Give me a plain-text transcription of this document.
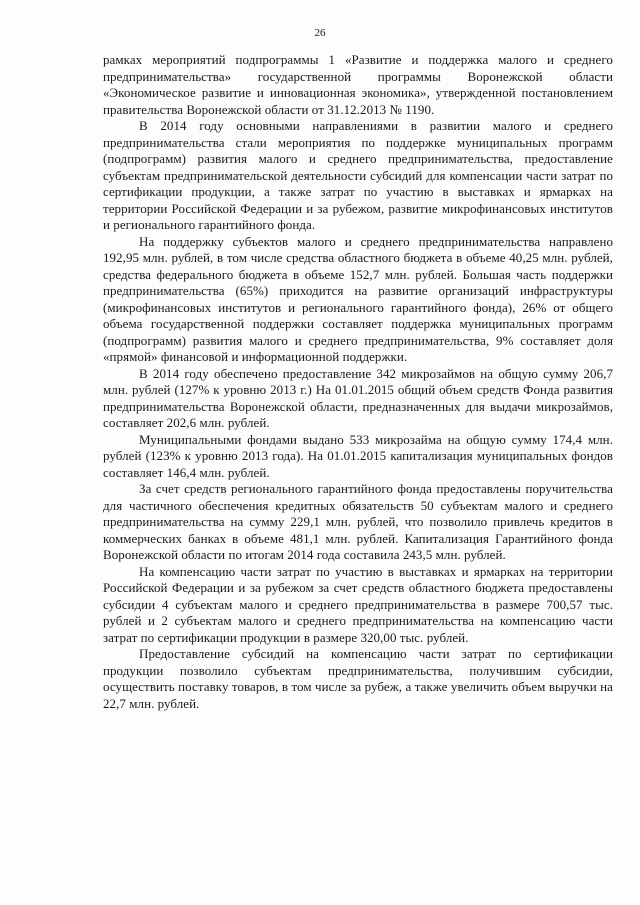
26

рамках мероприятий подпрограммы 1 «Развитие и поддержка малого и среднего предпринимательства» государственной программы Воронежской области «Экономическое развитие и инновационная экономика», утвержденной постановлением правительства Воронежской области от 31.12.2013 № 1190.

В 2014 году основными направлениями в развитии малого и среднего предпринимательства стали мероприятия по поддержке муниципальных программ (подпрограмм) развития малого и среднего предпринимательства, предоставление субъектам предпринимательской деятельности субсидий для компенсации части затрат по сертификации продукции, а также затрат по участию в выставках и ярмарках на территории Российской Федерации и за рубежом, развитие микрофинансовых институтов и регионального гарантийного фонда.

На поддержку субъектов малого и среднего предпринимательства направлено 192,95 млн. рублей, в том числе средства областного бюджета в объеме 40,25 млн. рублей, средства федерального бюджета в объеме 152,7 млн. рублей. Большая часть поддержки предпринимательства (65%) приходится на развитие организаций инфраструктуры (микрофинансовых институтов и регионального гарантийного фонда), 26% от общего объема государственной поддержки составляет поддержка муниципальных программ (подпрограмм) развития малого и среднего предпринимательства, 9% составляет доля «прямой» финансовой и информационной поддержки.

В 2014 году обеспечено предоставление 342 микрозаймов на общую сумму 206,7 млн. рублей (127% к уровню 2013 г.) На 01.01.2015 общий объем средств Фонда развития предпринимательства Воронежской области, предназначенных для выдачи микрозаймов, составляет 202,6 млн. рублей.

Муниципальными фондами выдано 533 микрозайма на общую сумму 174,4 млн. рублей (123% к уровню 2013 года). На 01.01.2015 капитализация муниципальных фондов составляет 146,4 млн. рублей.

За счет средств регионального гарантийного фонда предоставлены поручительства для частичного обеспечения кредитных обязательств 50 субъектам малого и среднего предпринимательства на сумму 229,1 млн. рублей, что позволило привлечь кредитов в коммерческих банках в объеме 481,1 млн. рублей. Капитализация Гарантийного фонда Воронежской области по итогам 2014 года составила 243,5 млн. рублей.

На компенсацию части затрат по участию в выставках и ярмарках на территории Российской Федерации и за рубежом за счет средств областного бюджета предоставлены субсидии 4 субъектам малого и среднего предпринимательства в размере 700,57 тыс. рублей и 2 субъектам малого и среднего предпринимательства на компенсацию части затрат по сертификации продукции в размере 320,00 тыс. рублей.

Предоставление субсидий на компенсацию части затрат по сертификации продукции позволило субъектам предпринимательства, получившим субсидии, осуществить поставку товаров, в том числе за рубеж, а также увеличить объем выручки на 22,7 млн. рублей.
